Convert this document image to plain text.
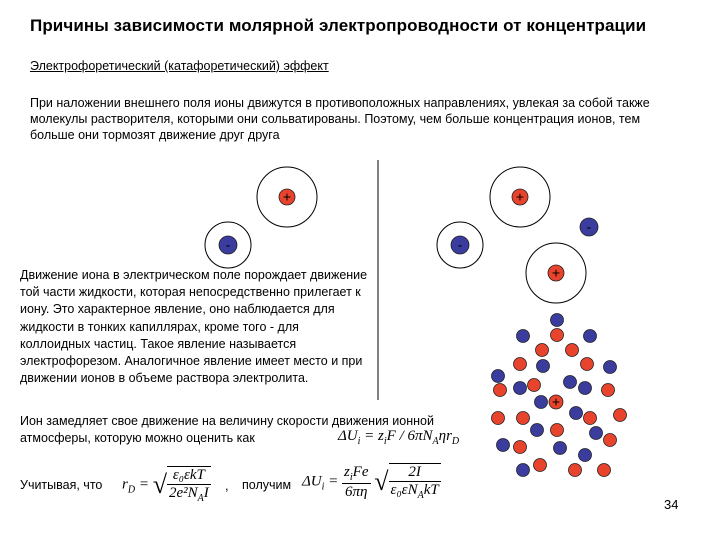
Причины зависимости молярной электропроводности от концентрации
Электрофоретический (катафоретический) эффект
При наложении внешнего поля ионы движутся в противоположных направлениях, увлекая за собой также молекулы растворителя, которыми они сольватированы. Поэтому, чем больше концентрация ионов, тем больше они тормозят движение друг друга
Движение иона в электрическом поле порождает движение той части жидкости, которая непосредственно прилегает к иону. Это характерное явление, оно наблюдается для жидкости в тонких капиллярах, кроме того - для коллоидных частиц. Такое явление называется электрофорезом. Аналогичное явление имеет место и при движении ионов в объеме раствора электролита.
Ион замедляет свое движение на величину скорости движения ионной атмосферы, которую можно оценить как	$\Delta U_i = z_iF / 6\pi N_A\eta r_D$
Учитывая, что $r_D$ = √ $\frac{\text{ε₀εkT}}{2e^2N_AI}$ , получим $\Delta U_i = \frac{z_iFe}{6\pi\eta}$ √ $\frac{2I}{\varepsilon_0\varepsilon N_AkT}$
34
+
-
+
-
-
+
+
